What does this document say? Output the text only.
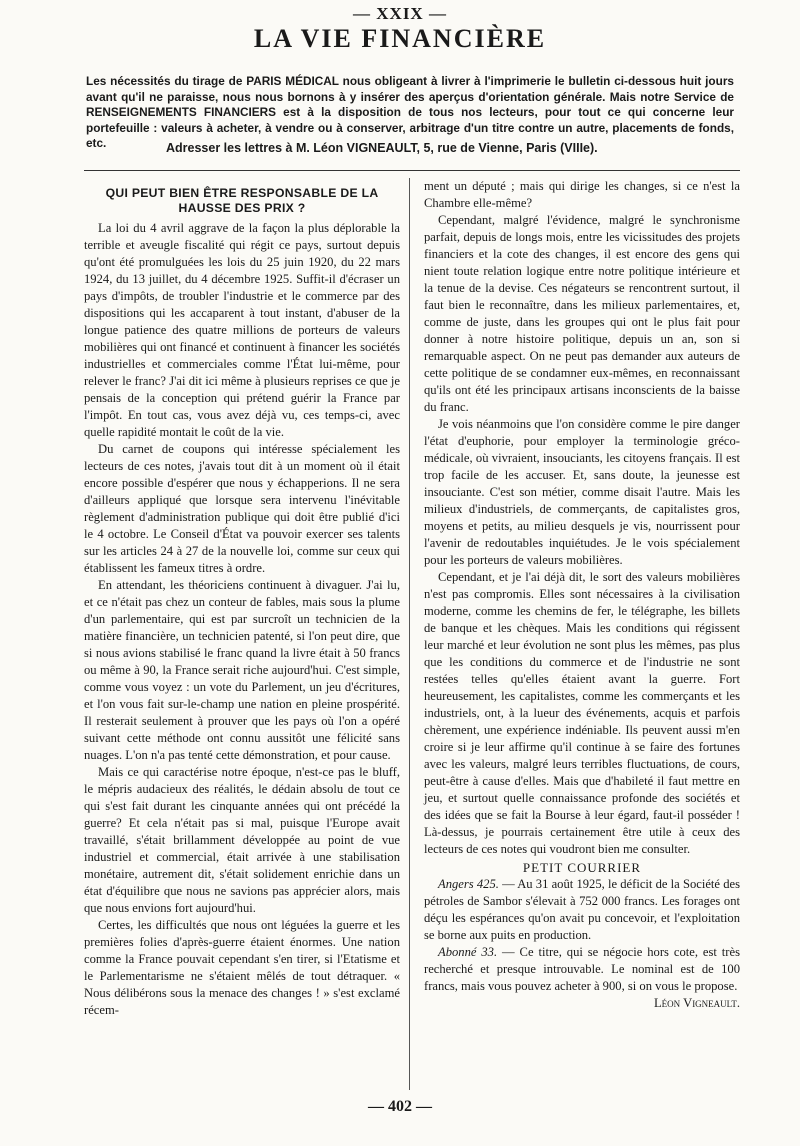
— XXIX —
LA VIE FINANCIÈRE
Les nécessités du tirage de PARIS MÉDICAL nous obligeant à livrer à l'imprimerie le bulletin ci-dessous huit jours avant qu'il ne paraisse, nous nous bornons à y insérer des aperçus d'orientation générale. Mais notre Service de RENSEIGNEMENTS FINANCIERS est à la disposition de tous nos lecteurs, pour tout ce qui concerne leur portefeuille : valeurs à acheter, à vendre ou à conserver, arbitrage d'un titre contre un autre, placements de fonds, etc.	Adresser les lettres à M. Léon VIGNEAULT, 5, rue de Vienne, Paris (VIIIe).
QUI PEUT BIEN ÊTRE RESPONSABLE DE LA HAUSSE DES PRIX ?

La loi du 4 avril aggrave de la façon la plus déplorable la terrible et aveugle fiscalité qui régit ce pays, surtout depuis qu'ont été promulguées les lois du 25 juin 1920, du 22 mars 1924, du 13 juillet, du 4 décembre 1925. Suffit-il d'écraser un pays d'impôts, de troubler l'industrie et le commerce par des dispositions qui les accaparent à tout instant, d'abuser de la longue patience des quatre millions de porteurs de valeurs mobilières qui ont financé et continuent à financer les sociétés industrielles et commerciales comme l'État lui-même, pour relever le franc? J'ai dit ici même à plusieurs reprises ce que je pensais de la conception qui prétend guérir la France par l'impôt. En tout cas, vous avez déjà vu, ces temps-ci, avec quelle rapidité montait le coût de la vie.

Du carnet de coupons qui intéresse spécialement les lecteurs de ces notes, j'avais tout dit à un moment où il était encore possible d'espérer que nous y échapperions. Il ne sera d'ailleurs appliqué que lorsque sera intervenu l'inévitable règlement d'administration publique qui doit être publié d'ici le 4 octobre. Le Conseil d'État va pouvoir exercer ses talents sur les articles 24 à 27 de la nouvelle loi, comme sur ceux qui établissent les fameux titres à ordre.

En attendant, les théoriciens continuent à divaguer. J'ai lu, et ce n'était pas chez un conteur de fables, mais sous la plume d'un parlementaire, qui est par surcroît un technicien de la matière financière, un technicien patenté, si l'on peut dire, que si nous avions stabilisé le franc quand la livre était à 50 francs ou même à 90, la France serait riche aujourd'hui. C'est simple, comme vous voyez : un vote du Parlement, un jeu d'écritures, et l'on vous fait sur-le-champ une nation en pleine prospérité. Il resterait seulement à prouver que les pays où l'on a opéré suivant cette méthode ont connu aussitôt une félicité sans nuages. L'on n'a pas tenté cette démonstration, et pour cause.

Mais ce qui caractérise notre époque, n'est-ce pas le bluff, le mépris audacieux des réalités, le dédain absolu de tout ce qui s'est fait durant les cinquante années qui ont précédé la guerre? Et cela n'était pas si mal, puisque l'Europe avait travaillé, s'était brillamment développée au point de vue industriel et commercial, était arrivée à une stabilisation monétaire, autrement dit, s'était solidement enrichie dans un état d'équilibre que nous ne savions pas apprécier alors, mais que nous envions fort aujourd'hui.

Certes, les difficultés que nous ont léguées la guerre et les premières folies d'après-guerre étaient énormes. Une nation comme la France pouvait cependant s'en tirer, si l'Etatisme et le Parlementarisme ne s'étaient mêlés de tout détraquer. « Nous délibérons sous la menace des changes ! » s'est exclamé récem-

ment un député ; mais qui dirige les changes, si ce n'est la Chambre elle-même?

Cependant, malgré l'évidence, malgré le synchronisme parfait, depuis de longs mois, entre les vicissitudes des projets financiers et la cote des changes, il est encore des gens qui nient toute relation logique entre notre politique intérieure et la tenue de la devise. Ces négateurs se rencontrent surtout, il faut bien le reconnaître, dans les milieux parlementaires, et, comme de juste, dans les groupes qui ont le plus fait pour donner à notre histoire politique, depuis un an, son si remarquable aspect. On ne peut pas demander aux auteurs de cette politique de se condamner eux-mêmes, en reconnaissant qu'ils ont été les principaux artisans inconscients de la baisse du franc.

Je vois néanmoins que l'on considère comme le pire danger l'état d'euphorie, pour employer la terminologie gréco-médicale, où vivraient, insouciants, les citoyens français. Il est trop facile de les accuser. Et, sans doute, la jeunesse est insouciante. C'est son métier, comme disait l'autre. Mais les milieux d'industriels, de commerçants, de capitalistes gros, moyens et petits, au milieu desquels je vis, nourrissent pour l'avenir de redoutables inquiétudes. Je le vois spécialement pour les porteurs de valeurs mobilières.

Cependant, et je l'ai déjà dit, le sort des valeurs mobilières n'est pas compromis. Elles sont nécessaires à la civilisation moderne, comme les chemins de fer, le télégraphe, les billets de banque et les chèques. Mais les conditions qui régissent leur marché et leur évolution ne sont plus les mêmes, pas plus que les conditions du commerce et de l'industrie ne sont restées telles qu'elles étaient avant la guerre. Fort heureusement, les capitalistes, comme les commerçants et les industriels, ont, à la lueur des événements, acquis et parfois chèrement, une expérience indéniable. Ils peuvent aussi m'en croire si je leur affirme qu'il continue à se faire des fortunes avec les valeurs, malgré leurs terribles fluctuations, de cours, peut-être à cause d'elles. Mais que d'habileté il faut mettre en jeu, et surtout quelle connaissance profonde des sociétés et des idées que se fait la Bourse à leur égard, faut-il posséder ! Là-dessus, je pourrais certainement être utile à ceux des lecteurs de ces notes qui voudront bien me consulter.

PETIT COURRIER

Angers 425. — Au 31 août 1925, le déficit de la Société des pétroles de Sambor s'élevait à 752 000 francs. Les forages ont déçu les espérances qu'on avait pu concevoir, et l'exploitation se borne aux puits en production.

Abonné 33. — Ce titre, qui se négocie hors cote, est très recherché et presque introuvable. Le nominal est de 100 francs, mais vous pouvez acheter à 900, si on vous le propose.
Léon Vigneault.

— 402 —
